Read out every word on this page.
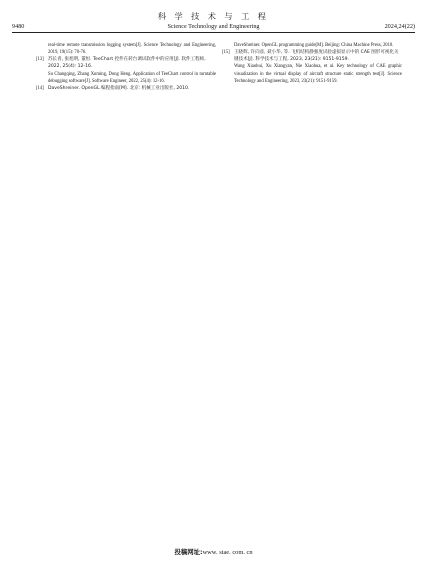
9480
科 学 技 术 与 工 程
Science Technology and Engineering	2024,24(22)

real-time remote transmission logging system[J]. Science Technology and Engineering, 2019, 19(15): 70-76.

[13] 苏长青, 张旭明, 董恒. TeeChart 控件在转台调试软件中的应用[J]. 软件工程师, 2022, 25(4): 12-16.
Su Changqing, Zhang Xuming, Dong Heng. Application of TeeChart control in turntable debugging software[J]. Software Engineer, 2022, 25(4): 12-16.
[14] DaveShreiner. OpenGL 编程指南[M]. 北京: 机械工业出版社, 2010.

DaveShreiner. OpenGL programming guide[M]. Beijing: China Machine Press, 2010.

[15] 王晓辉, 许向彦, 聂小华, 等. 飞机结构静强度试验虚拟显示中的 CAE 图形可视化关键技术[J]. 科学技术与工程, 2023, 23(21): 9151-9159.
Wang Xiaohui, Xu Xiangyan, Nie Xiaohua, et al. Key technology of CAE graphic visualization in the virtual display of aircraft structure static strength test[J]. Science Technology and Engineering, 2023, 23(21): 9151-9159.
投稿网址:www. stae. com. cn
